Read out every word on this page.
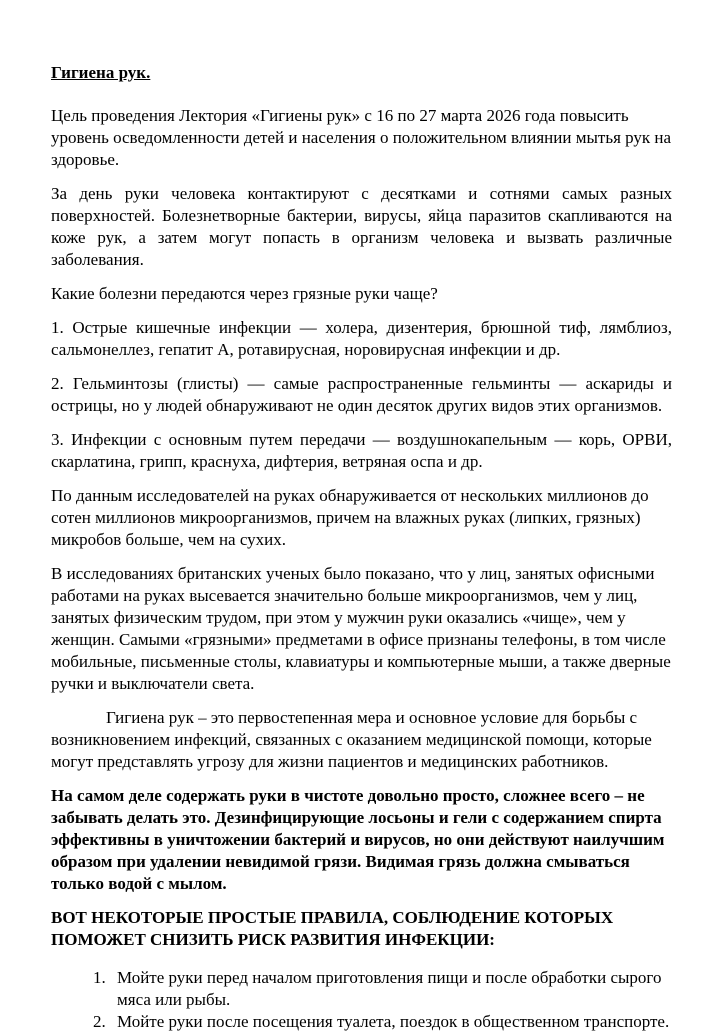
Гигиена рук.

Цель проведения Лектория «Гигиены рук» с 16 по 27 марта 2026 года повысить уровень осведомленности детей и населения о положительном влиянии мытья рук на здоровье.

За день руки человека контактируют с десятками и сотнями самых разных поверхностей. Болезнетворные бактерии, вирусы, яйца паразитов скапливаются на коже рук, а затем могут попасть в организм человека и вызвать различные заболевания.

Какие болезни передаются через грязные руки чаще?

1. Острые кишечные инфекции — холера, дизентерия, брюшной тиф, лямблиоз, сальмонеллез, гепатит А, ротавирусная, норовирусная инфекции и др.

2. Гельминтозы (глисты) — самые распространенные гельминты — аскариды и острицы, но у людей обнаруживают не один десяток других видов этих организмов.

3. Инфекции с основным путем передачи — воздушнокапельным — корь, ОРВИ, скарлатина, грипп, краснуха, дифтерия, ветряная оспа и др.

По данным исследователей на руках обнаруживается от нескольких миллионов до сотен миллионов микроорганизмов, причем на влажных руках (липких, грязных) микробов больше, чем на сухих.

В исследованиях британских ученых было показано, что у лиц, занятых офисными работами на руках высевается значительно больше микроорганизмов, чем у лиц, занятых физическим трудом, при этом у мужчин руки оказались «чище», чем у женщин. Самыми «грязными» предметами в офисе признаны телефоны, в том числе мобильные, письменные столы, клавиатуры и компьютерные мыши, а также дверные ручки и выключатели света.

Гигиена рук – это первостепенная мера и основное условие для борьбы с возникновением инфекций, связанных с оказанием медицинской помощи, которые могут представлять угрозу для жизни пациентов и медицинских работников.

На самом деле содержать руки в чистоте довольно просто, сложнее всего – не забывать делать это. Дезинфицирующие лосьоны и гели с содержанием спирта эффективны в уничтожении бактерий и вирусов, но они действуют наилучшим образом при удалении невидимой грязи. Видимая грязь должна смываться только водой с мылом.

ВОТ НЕКОТОРЫЕ ПРОСТЫЕ ПРАВИЛА, СОБЛЮДЕНИЕ КОТОРЫХ ПОМОЖЕТ СНИЗИТЬ РИСК РАЗВИТИЯ ИНФЕКЦИИ:

1. Мойте руки перед началом приготовления пищи и после обработки сырого мяса или рыбы.
2. Мойте руки после посещения туалета, поездок в общественном транспорте.
